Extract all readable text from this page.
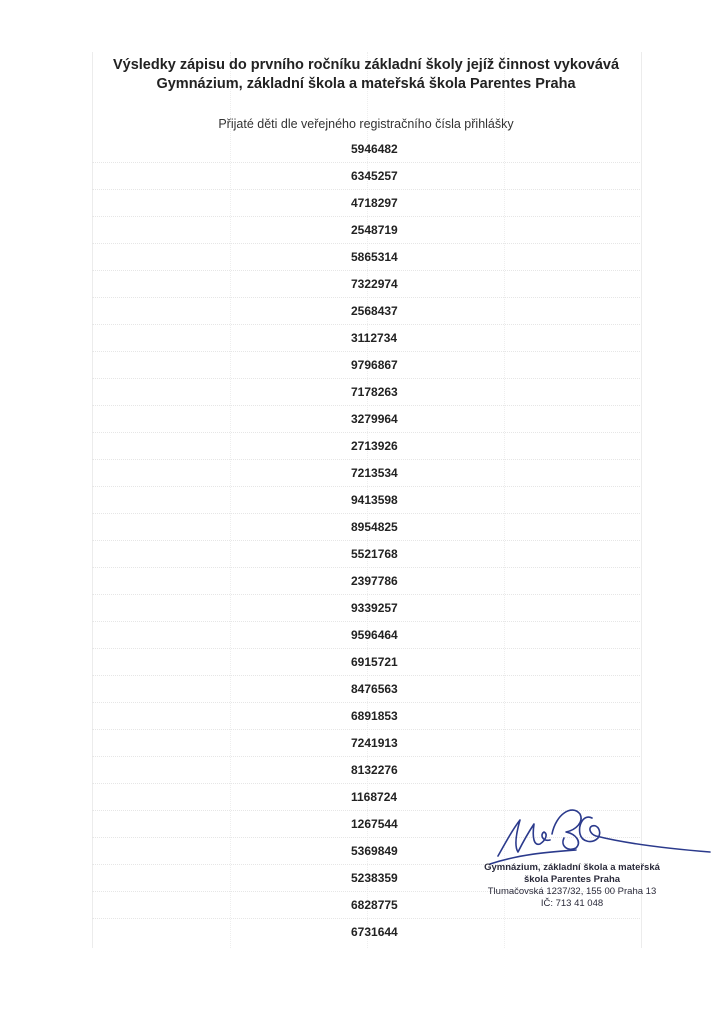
Výsledky zápisu do prvního ročníku základní školy jejíž činnost vykovává
Gymnázium, základní škola a mateřská škola Parentes Praha
Přijaté děti dle veřejného registračního čísla přihlášky
5946482
6345257
4718297
2548719
5865314
7322974
2568437
3112734
9796867
7178263
3279964
2713926
7213534
9413598
8954825
5521768
2397786
9339257
9596464
6915721
8476563
6891853
7241913
8132276
1168724
1267544
5369849
5238359
6828775
6731644
Gymnázium, základní škola a mateřská
škola Parentes Praha
Tlumačovská 1237/32, 155 00 Praha 13
IČ: 713 41 048
